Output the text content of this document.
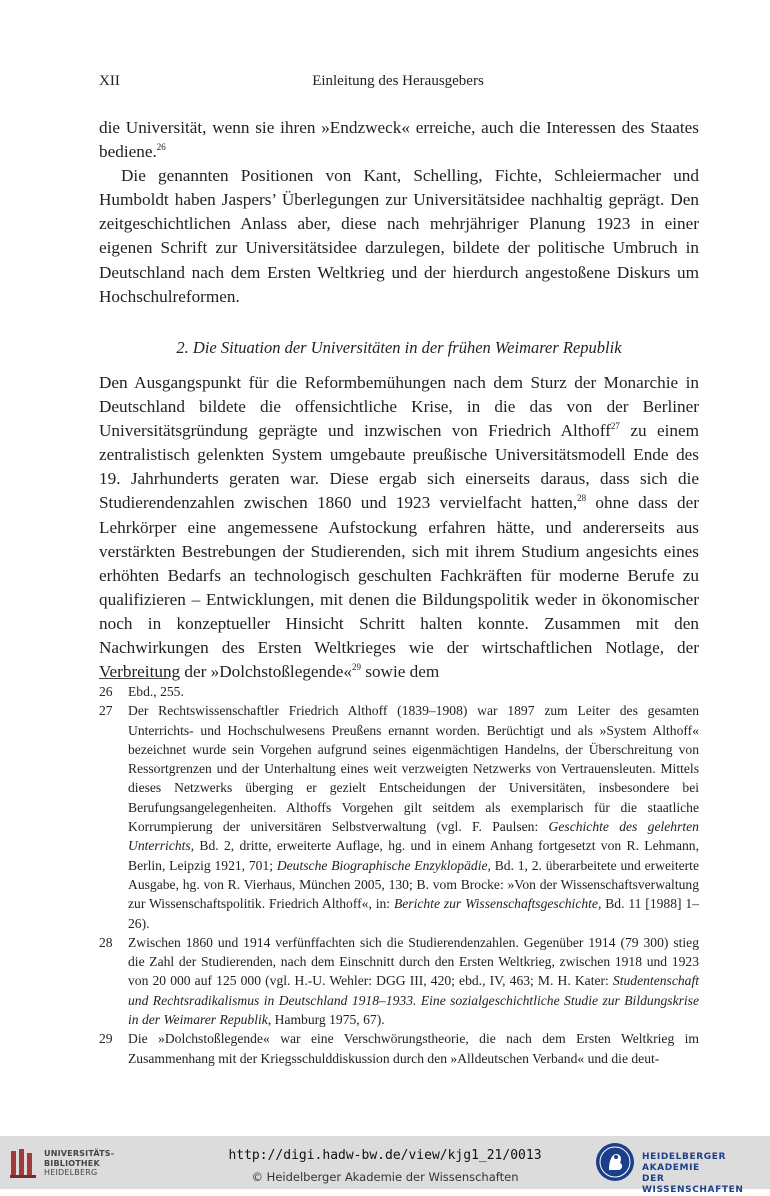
XII	Einleitung des Herausgebers

die Universität, wenn sie ihren »Endzweck« erreiche, auch die Interessen des Staates bediene.$^{26}$

Die genannten Positionen von Kant, Schelling, Fichte, Schleiermacher und Humboldt haben Jaspers’ Überlegungen zur Universitätsidee nachhaltig geprägt. Den zeitgeschichtlichen Anlass aber, diese nach mehrjähriger Planung 1923 in einer eigenen Schrift zur Universitätsidee darzulegen, bildete der politische Umbruch in Deutschland nach dem Ersten Weltkrieg und der hierdurch angestoßene Diskurs um Hochschulreformen.

2. Die Situation der Universitäten in der frühen Weimarer Republik

Den Ausgangspunkt für die Reformbemühungen nach dem Sturz der Monarchie in Deutschland bildete die offensichtliche Krise, in die das von der Berliner Universitätsgründung geprägte und inzwischen von Friedrich Althoff$^{27}$ zu einem zentralistisch gelenkten System umgebaute preußische Universitätsmodell Ende des 19. Jahrhunderts geraten war. Diese ergab sich einerseits daraus, dass sich die Studierendenzahlen zwischen 1860 und 1923 vervielfacht hatten,$^{28}$ ohne dass der Lehrkörper eine angemessene Aufstockung erfahren hätte, und andererseits aus verstärkten Bestrebungen der Studierenden, sich mit ihrem Studium angesichts eines erhöhten Bedarfs an technologisch geschulten Fachkräften für moderne Berufe zu qualifizieren – Entwicklungen, mit denen die Bildungspolitik weder in ökonomischer noch in konzeptueller Hinsicht Schritt halten konnte. Zusammen mit den Nachwirkungen des Ersten Weltkrieges wie der wirtschaftlichen Notlage, der Verbreitung der »Dolchstoßlegende«$^{29}$ sowie dem

26 Ebd., 255.
27 Der Rechtswissenschaftler Friedrich Althoff (1839–1908) war 1897 zum Leiter des gesamten Unterrichts- und Hochschulwesens Preußens ernannt worden. Berüchtigt und als »System Althoff« bezeichnet wurde sein Vorgehen aufgrund seines eigenmächtigen Handelns, der Überschreitung von Ressortgrenzen und der Unterhaltung eines weit verzweigten Netzwerks von Vertrauensleuten. Mittels dieses Netzwerks überging er gezielt Entscheidungen der Universitäten, insbesondere bei Berufungsangelegenheiten. Althoffs Vorgehen gilt seitdem als exemplarisch für die staatliche Korrumpierung der universitären Selbstverwaltung (vgl. F. Paulsen: Geschichte des gelehrten Unterrichts, Bd. 2, dritte, erweiterte Auflage, hg. und in einem Anhang fortgesetzt von R. Lehmann, Berlin, Leipzig 1921, 701; Deutsche Biographische Enzyklopädie, Bd. 1, 2. überarbeitete und erweiterte Ausgabe, hg. von R. Vierhaus, München 2005, 130; B. vom Brocke: »Von der Wissenschaftsverwaltung zur Wissenschaftspolitik. Friedrich Althoff«, in: Berichte zur Wissenschaftsgeschichte, Bd. 11 [1988] 1–26).
28 Zwischen 1860 und 1914 verfünffachten sich die Studierendenzahlen. Gegenüber 1914 (79 300) stieg die Zahl der Studierenden, nach dem Einschnitt durch den Ersten Weltkrieg, zwischen 1918 und 1923 von 20 000 auf 125 000 (vgl. H.-U. Wehler: DGG III, 420; ebd., IV, 463; M. H. Kater: Studentenschaft und Rechtsradikalismus in Deutschland 1918–1933. Eine sozialgeschichtliche Studie zur Bildungskrise in der Weimarer Republik, Hamburg 1975, 67).
29 Die »Dolchstoßlegende« war eine Verschwörungstheorie, die nach dem Ersten Weltkrieg im Zusammenhang mit der Kriegsschulddiskussion durch den »Alldeutschen Verband« und die deut-
UNIVERSITÄTS-
BIBLIOTHEK
HEIDELBERG
http://digi.hadw-bw.de/view/kjg1_21/0013
© Heidelberger Akademie der Wissenschaften
HEIDELBERGER AKADEMIE
DER WISSENSCHAFTEN
